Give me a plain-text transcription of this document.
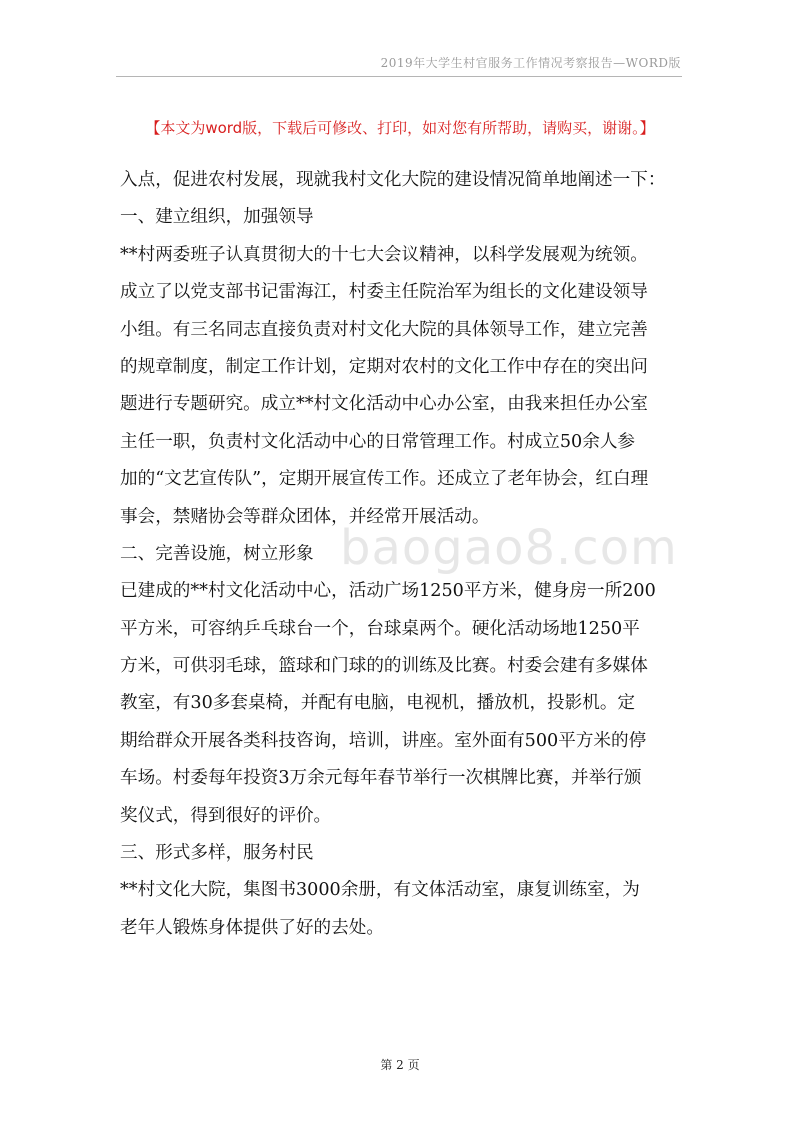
2019年大学生村官服务工作情况考察报告—WORD版
【本文为word版，下载后可修改、打印，如对您有所帮助，请购买，谢谢。】
baogao8.com
入点，促进农村发展，现就我村文化大院的建设情况简单地阐述一下：
一、建立组织，加强领导
**村两委班子认真贯彻大的十七大会议精神，以科学发展观为统领。
成立了以党支部书记雷海江，村委主任院治军为组长的文化建设领导
小组。有三名同志直接负责对村文化大院的具体领导工作，建立完善
的规章制度，制定工作计划，定期对农村的文化工作中存在的突出问
题进行专题研究。成立**村文化活动中心办公室，由我来担任办公室
主任一职，负责村文化活动中心的日常管理工作。村成立50余人参
加的“文艺宣传队”，定期开展宣传工作。还成立了老年协会，红白理
事会，禁赌协会等群众团体，并经常开展活动。
二、完善设施，树立形象
已建成的**村文化活动中心，活动广场1250平方米，健身房一所200
平方米，可容纳乒乓球台一个，台球桌两个。硬化活动场地1250平
方米，可供羽毛球，篮球和门球的的训练及比赛。村委会建有多媒体
教室，有30多套桌椅，并配有电脑，电视机，播放机，投影机。定
期给群众开展各类科技咨询，培训，讲座。室外面有500平方米的停
车场。村委每年投资3万余元每年春节举行一次棋牌比赛，并举行颁
奖仪式，得到很好的评价。
三、形式多样，服务村民
**村文化大院，集图书3000余册，有文体活动室，康复训练室，为
老年人锻炼身体提供了好的去处。
第 2 页
